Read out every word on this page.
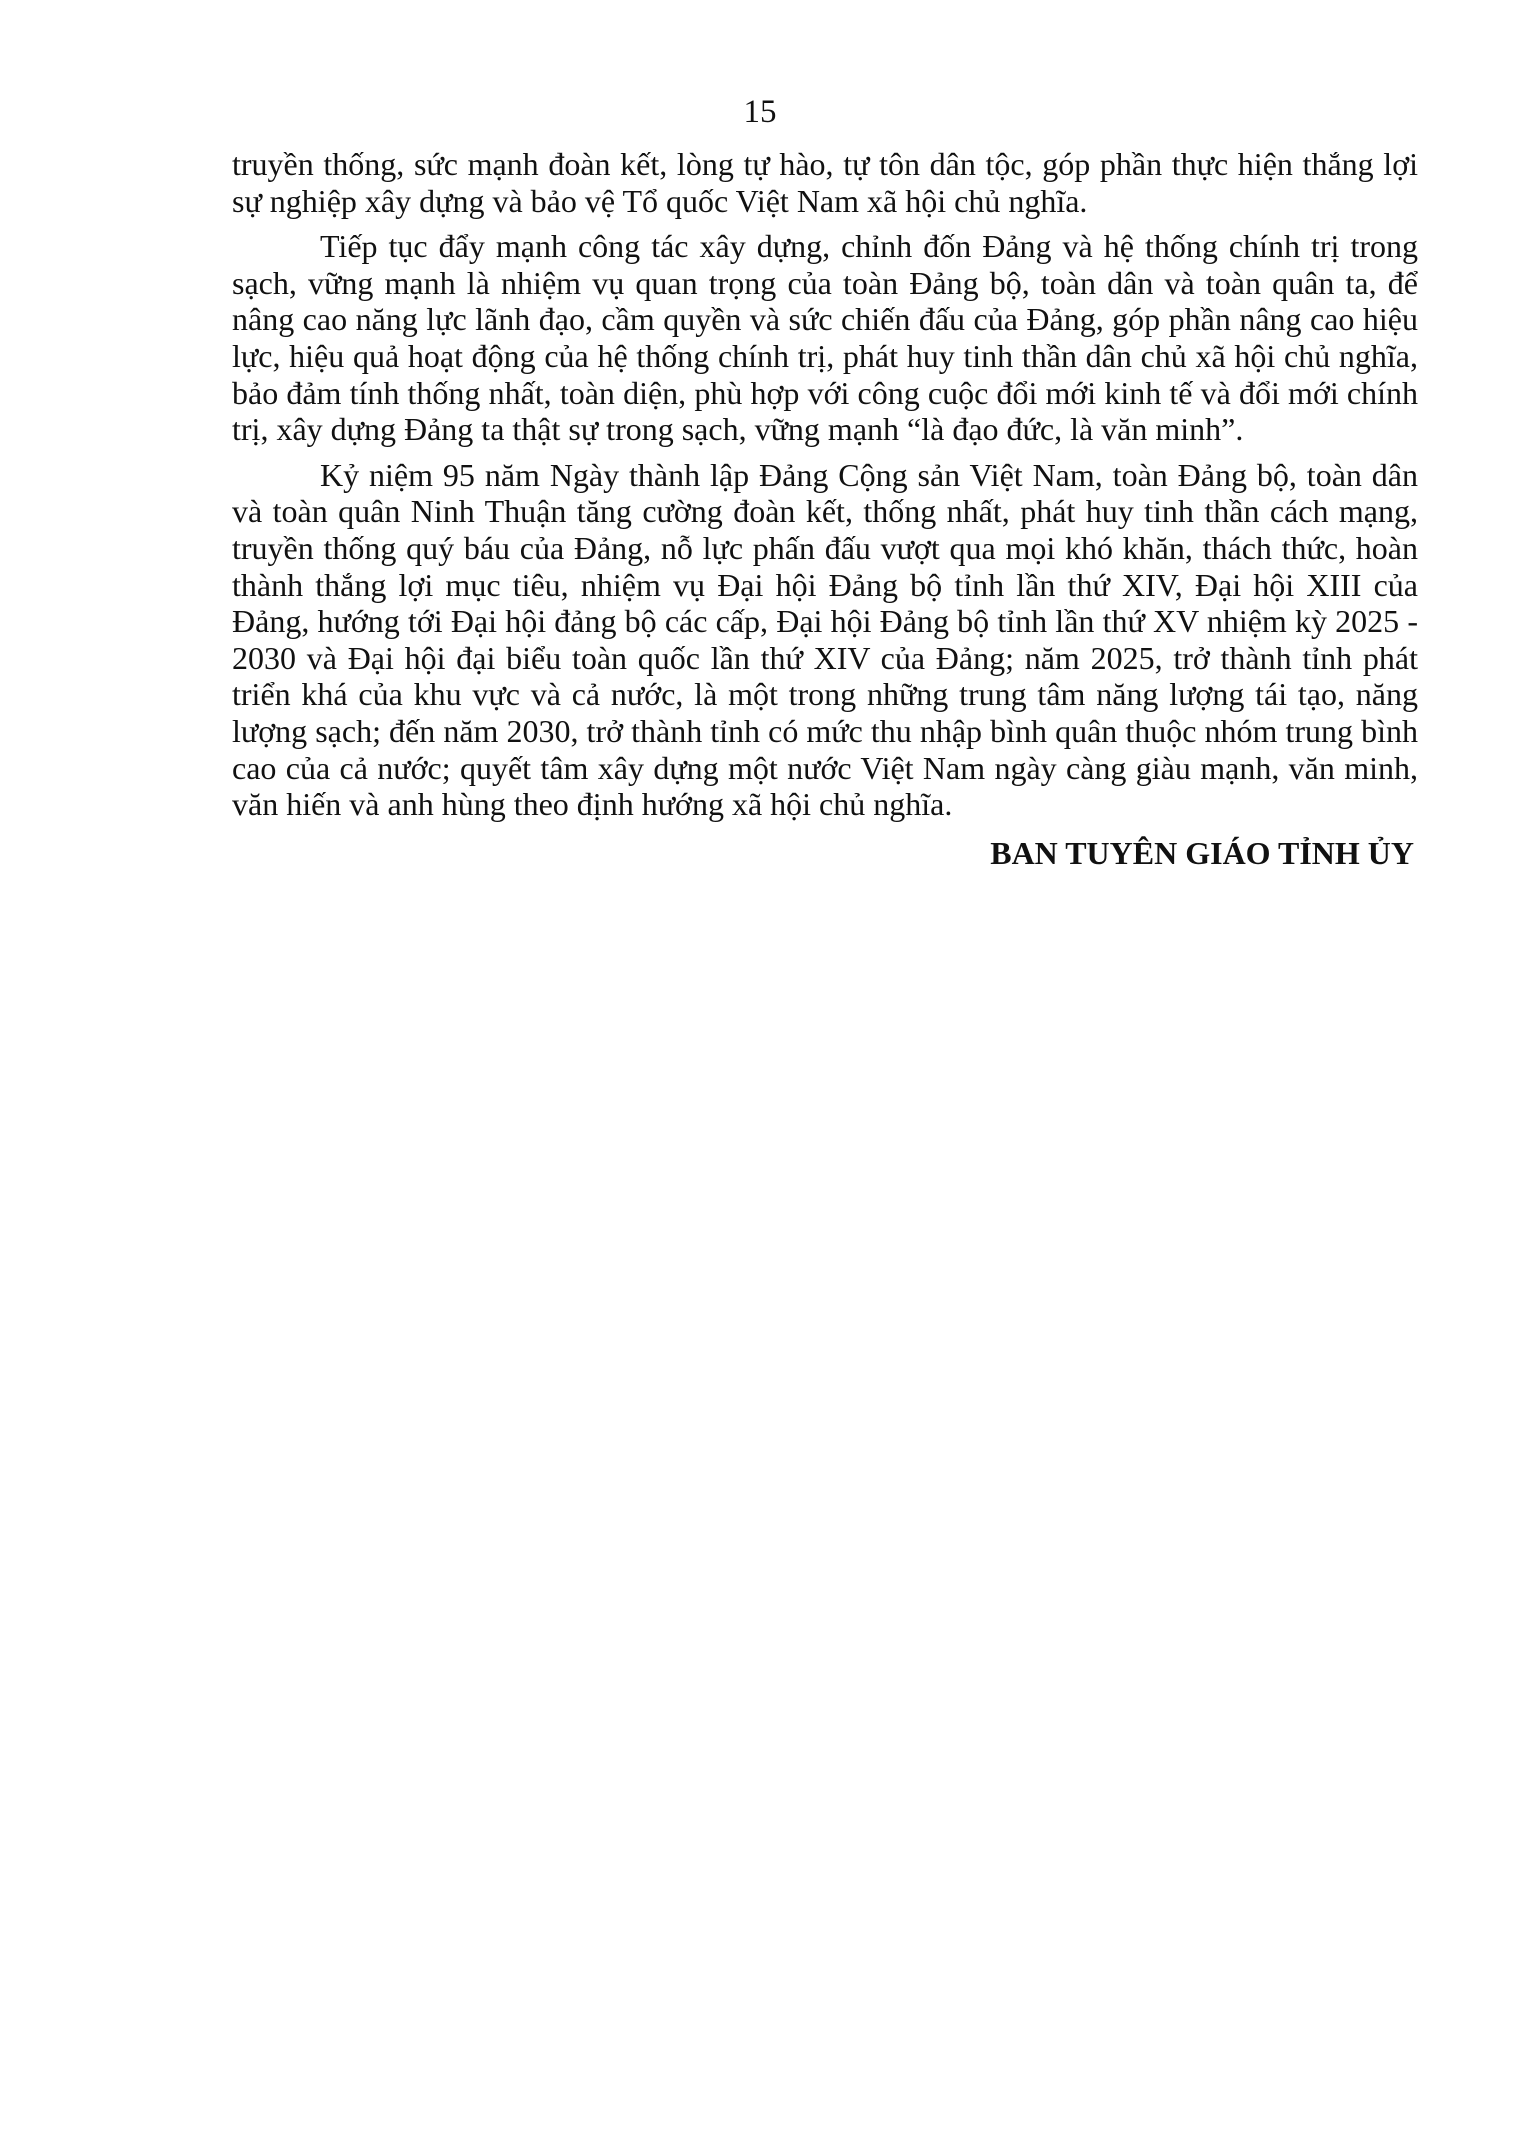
15

truyền thống, sức mạnh đoàn kết, lòng tự hào, tự tôn dân tộc, góp phần thực hiện thắng lợi sự nghiệp xây dựng và bảo vệ Tổ quốc Việt Nam xã hội chủ nghĩa.

Tiếp tục đẩy mạnh công tác xây dựng, chỉnh đốn Đảng và hệ thống chính trị trong sạch, vững mạnh là nhiệm vụ quan trọng của toàn Đảng bộ, toàn dân và toàn quân ta, để nâng cao năng lực lãnh đạo, cầm quyền và sức chiến đấu của Đảng, góp phần nâng cao hiệu lực, hiệu quả hoạt động của hệ thống chính trị, phát huy tinh thần dân chủ xã hội chủ nghĩa, bảo đảm tính thống nhất, toàn diện, phù hợp với công cuộc đổi mới kinh tế và đổi mới chính trị, xây dựng Đảng ta thật sự trong sạch, vững mạnh “là đạo đức, là văn minh”.

Kỷ niệm 95 năm Ngày thành lập Đảng Cộng sản Việt Nam, toàn Đảng bộ, toàn dân và toàn quân Ninh Thuận tăng cường đoàn kết, thống nhất, phát huy tinh thần cách mạng, truyền thống quý báu của Đảng, nỗ lực phấn đấu vượt qua mọi khó khăn, thách thức, hoàn thành thắng lợi mục tiêu, nhiệm vụ Đại hội Đảng bộ tỉnh lần thứ XIV, Đại hội XIII của Đảng, hướng tới Đại hội đảng bộ các cấp, Đại hội Đảng bộ tỉnh lần thứ XV nhiệm kỳ 2025 - 2030 và Đại hội đại biểu toàn quốc lần thứ XIV của Đảng; năm 2025, trở thành tỉnh phát triển khá của khu vực và cả nước, là một trong những trung tâm năng lượng tái tạo, năng lượng sạch; đến năm 2030, trở thành tỉnh có mức thu nhập bình quân thuộc nhóm trung bình cao của cả nước; quyết tâm xây dựng một nước Việt Nam ngày càng giàu mạnh, văn minh, văn hiến và anh hùng theo định hướng xã hội chủ nghĩa.

BAN TUYÊN GIÁO TỈNH ỦY
